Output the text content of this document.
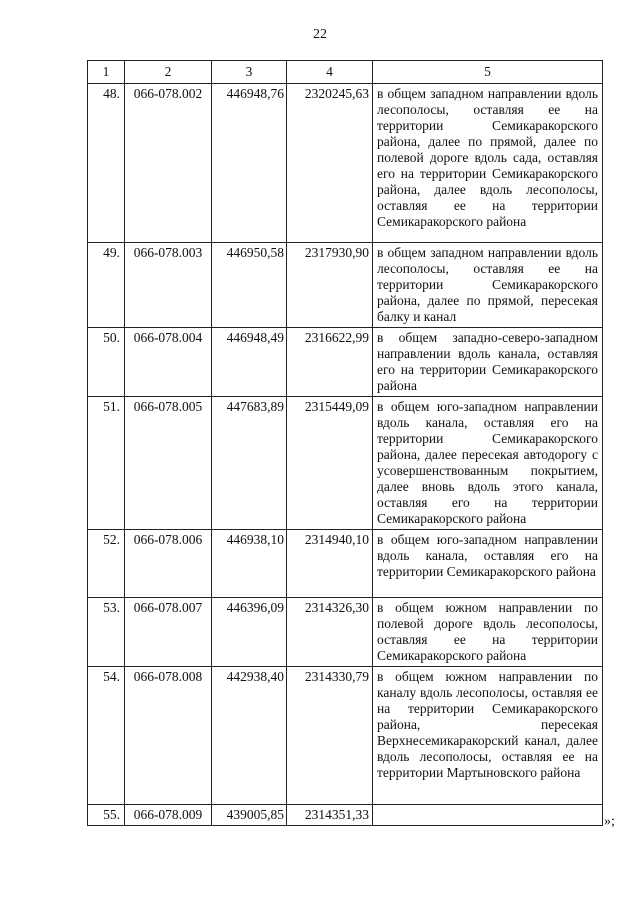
22
1	2	3	4	5
48.	066-078.002	446948,76	2320245,63	в общем западном направлении вдоль лесополосы, оставляя ее на территории Семикаракорского района, далее по прямой, далее по полевой дороге вдоль сада, оставляя его на территории Семикаракорского района, далее вдоль лесополосы, оставляя ее на территории Семикаракорского района
49.	066-078.003	446950,58	2317930,90	в общем западном направлении вдоль лесополосы, оставляя ее на территории Семикаракорского района, далее по прямой, пересекая балку и канал
50.	066-078.004	446948,49	2316622,99	в общем западно-северо-западном направлении вдоль канала, оставляя его на территории Семикаракорского района
51.	066-078.005	447683,89	2315449,09	в общем юго-западном направлении вдоль канала, оставляя его на территории Семикаракорского района, далее пересекая автодорогу с усовершенствованным покрытием, далее вновь вдоль этого канала, оставляя его на территории Семикаракорского района
52.	066-078.006	446938,10	2314940,10	в общем юго-западном направлении вдоль канала, оставляя его на территории Семикаракорского района
53.	066-078.007	446396,09	2314326,30	в общем южном направлении по полевой дороге вдоль лесополосы, оставляя ее на территории Семикаракорского района
54.	066-078.008	442938,40	2314330,79	в общем южном направлении по каналу вдоль лесополосы, оставляя ее на территории Семикаракорского района, пересекая Верхнесемикаракорский канал, далее вдоль лесополосы, оставляя ее на территории Мартыновского района
55.	066-078.009	439005,85	2314351,33		»;
